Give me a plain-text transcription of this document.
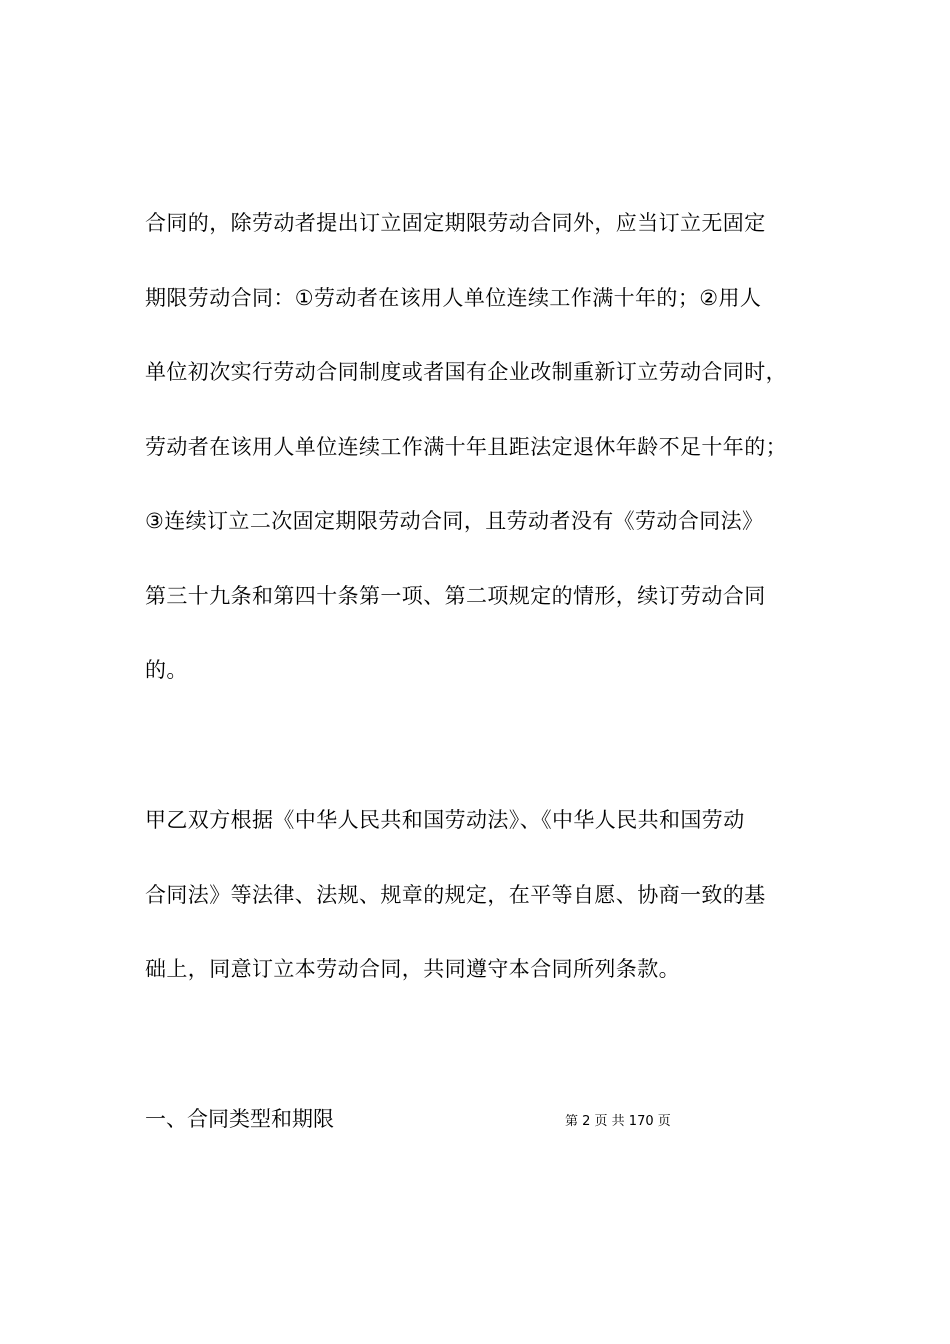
合同的，除劳动者提出订立固定期限劳动合同外，应当订立无固定
期限劳动合同：①劳动者在该用人单位连续工作满十年的；②用人
单位初次实行劳动合同制度或者国有企业改制重新订立劳动合同时，
劳动者在该用人单位连续工作满十年且距法定退休年龄不足十年的；
③连续订立二次固定期限劳动合同，且劳动者没有《劳动合同法》
第三十九条和第四十条第一项、第二项规定的情形，续订劳动合同
的。
甲乙双方根据《中华人民共和国劳动法》、《中华人民共和国劳动
合同法》等法律、法规、规章的规定，在平等自愿、协商一致的基
础上，同意订立本劳动合同，共同遵守本合同所列条款。
一、合同类型和期限	第 2 页 共 170 页
